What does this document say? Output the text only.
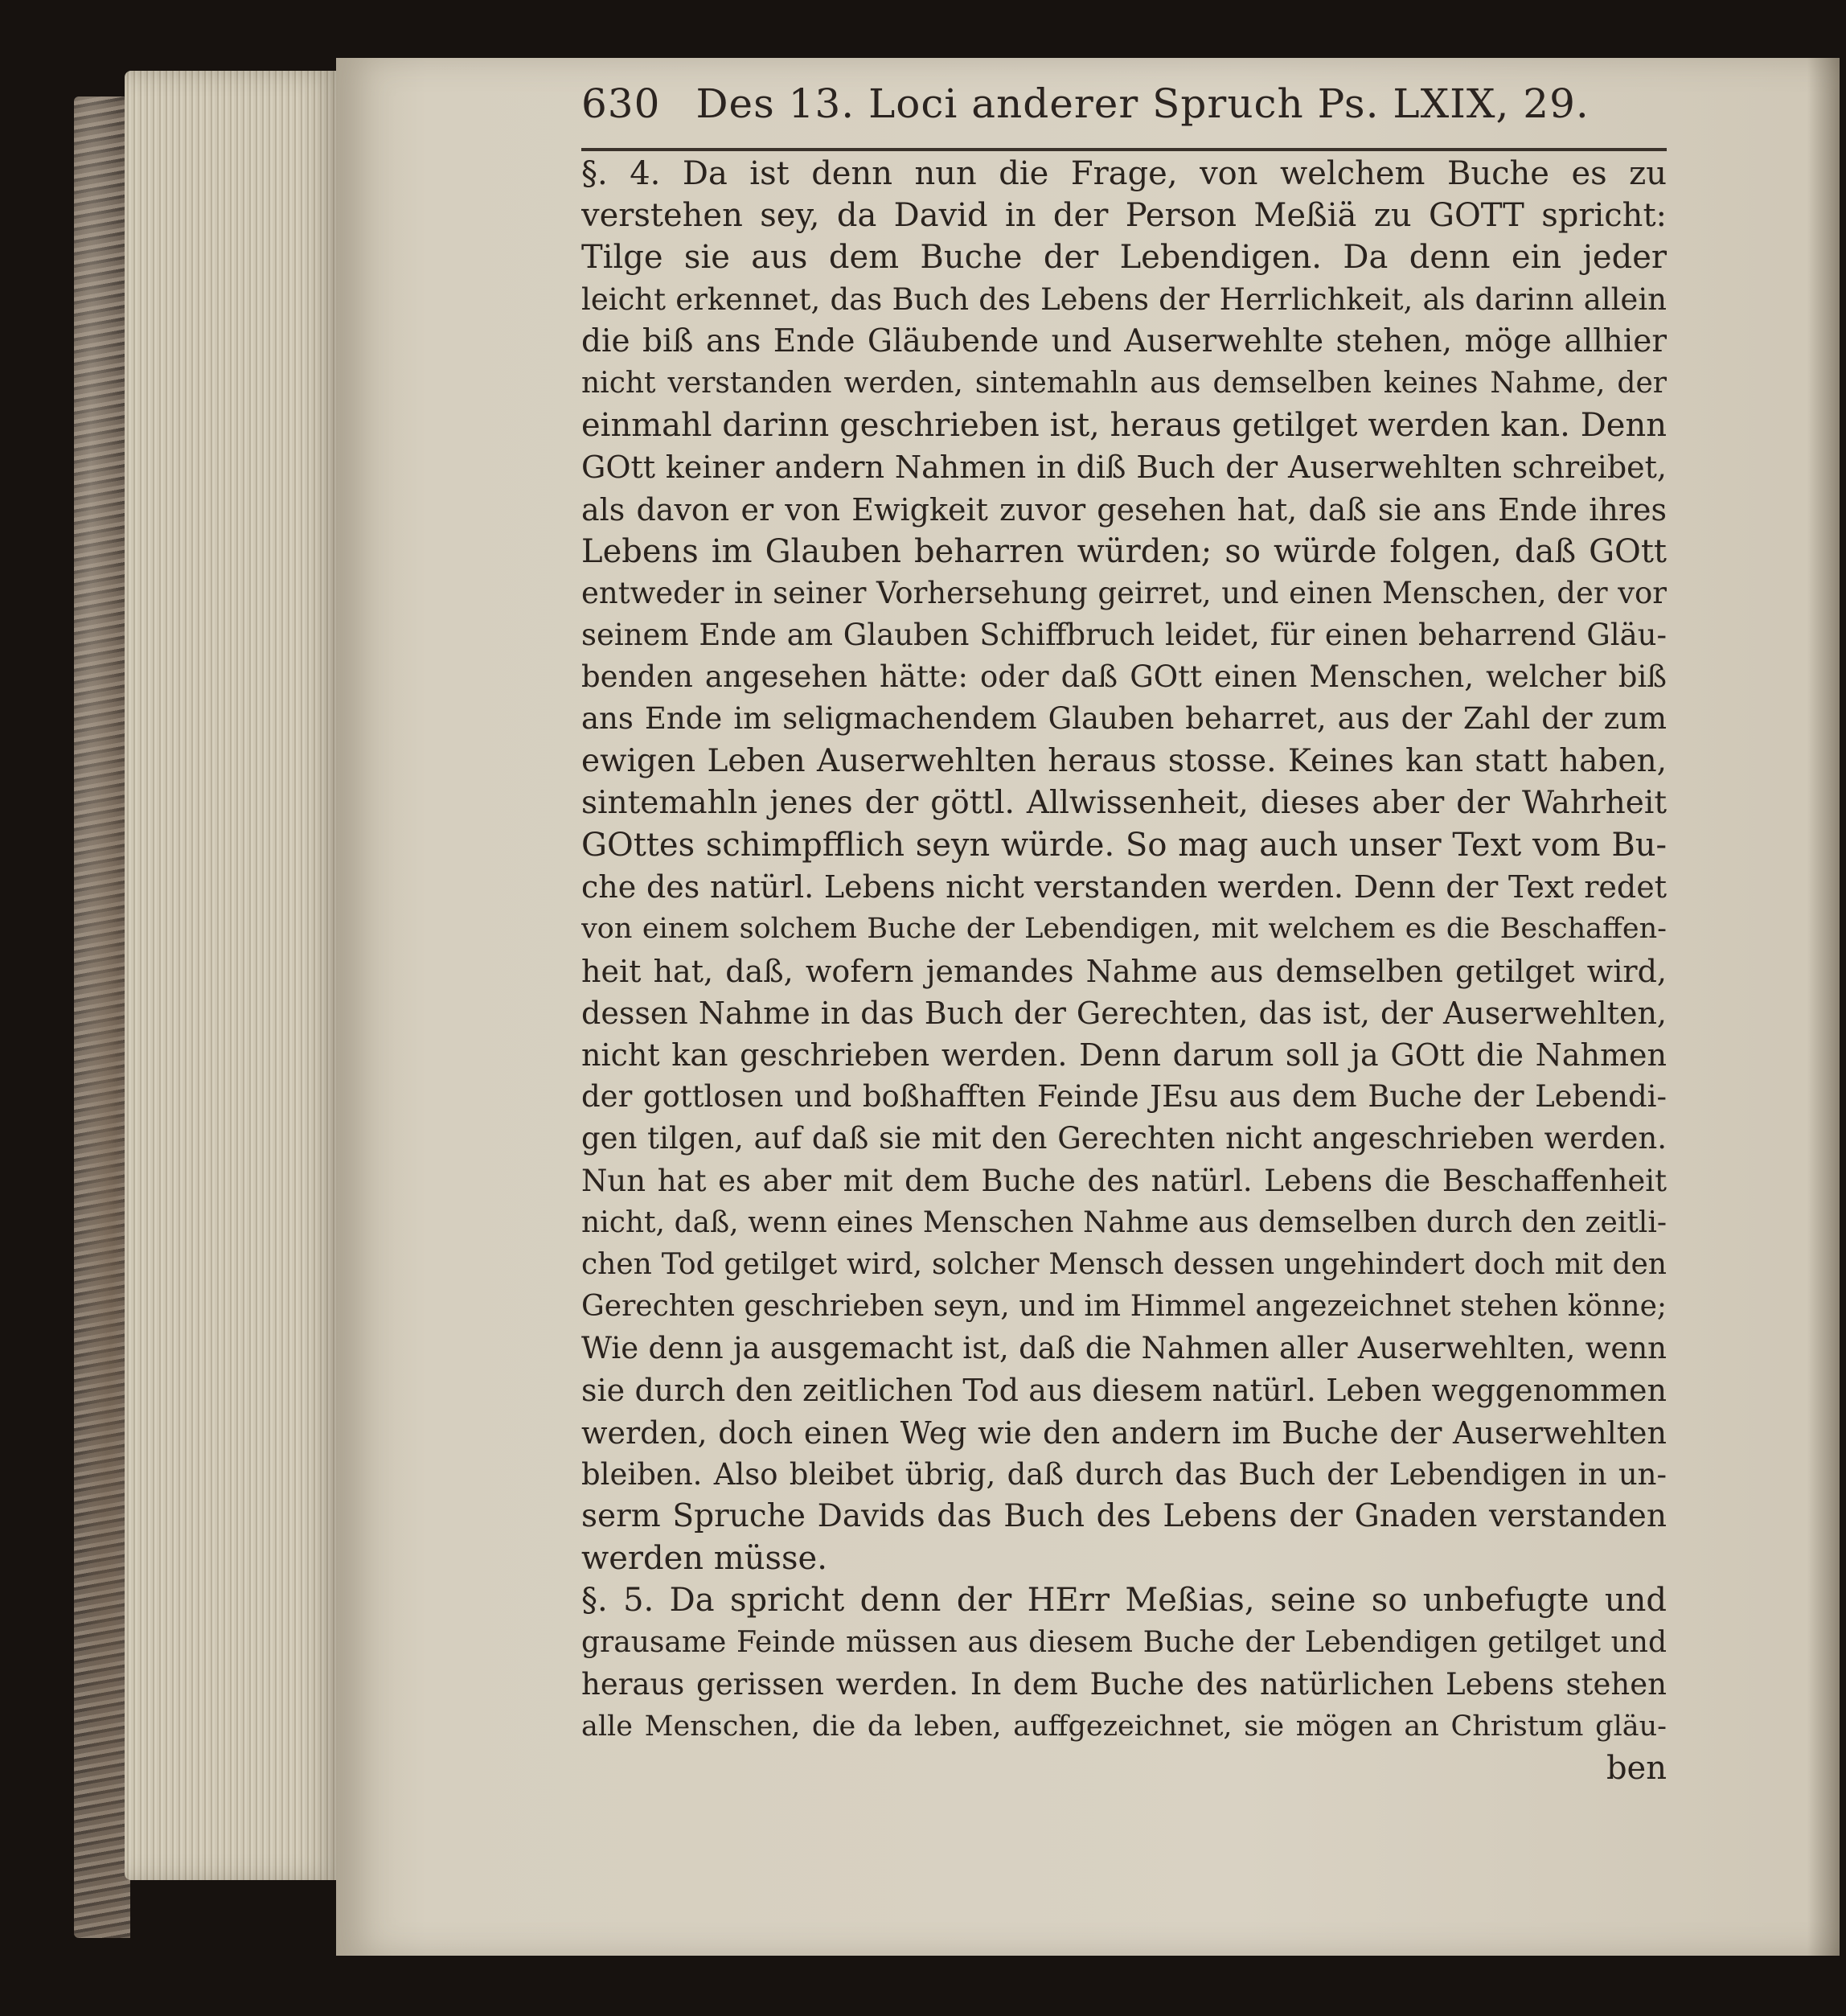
630 Des 13. Loci anderer Spruch Ps. LXIX, 29.
§. 4. Da ist denn nun die Frage, von welchem Buche es zu
verstehen sey, da David in der Person Meßiä zu GOTT spricht:
Tilge sie aus dem Buche der Lebendigen. Da denn ein jeder
leicht erkennet, das Buch des Lebens der Herrlichkeit, als darinn allein
die biß ans Ende Gläubende und Auserwehlte stehen, möge allhier
nicht verstanden werden, sintemahln aus demselben keines Nahme, der
einmahl darinn geschrieben ist, heraus getilget werden kan. Denn
GOtt keiner andern Nahmen in diß Buch der Auserwehlten schreibet,
als davon er von Ewigkeit zuvor gesehen hat, daß sie ans Ende ihres
Lebens im Glauben beharren würden; so würde folgen, daß GOtt
entweder in seiner Vorhersehung geirret, und einen Menschen, der vor
seinem Ende am Glauben Schiffbruch leidet, für einen beharrend Gläu-
benden angesehen hätte: oder daß GOtt einen Menschen, welcher biß
ans Ende im seligmachendem Glauben beharret, aus der Zahl der zum
ewigen Leben Auserwehlten heraus stosse. Keines kan statt haben,
sintemahln jenes der göttl. Allwissenheit, dieses aber der Wahrheit
GOttes schimpfflich seyn würde. So mag auch unser Text vom Bu-
che des natürl. Lebens nicht verstanden werden. Denn der Text redet
von einem solchem Buche der Lebendigen, mit welchem es die Beschaffen-
heit hat, daß, wofern jemandes Nahme aus demselben getilget wird,
dessen Nahme in das Buch der Gerechten, das ist, der Auserwehlten,
nicht kan geschrieben werden. Denn darum soll ja GOtt die Nahmen
der gottlosen und boßhafften Feinde JEsu aus dem Buche der Lebendi-
gen tilgen, auf daß sie mit den Gerechten nicht angeschrieben werden.
Nun hat es aber mit dem Buche des natürl. Lebens die Beschaffenheit
nicht, daß, wenn eines Menschen Nahme aus demselben durch den zeitli-
chen Tod getilget wird, solcher Mensch dessen ungehindert doch mit den
Gerechten geschrieben seyn, und im Himmel angezeichnet stehen könne;
Wie denn ja ausgemacht ist, daß die Nahmen aller Auserwehlten, wenn
sie durch den zeitlichen Tod aus diesem natürl. Leben weggenommen
werden, doch einen Weg wie den andern im Buche der Auserwehlten
bleiben. Also bleibet übrig, daß durch das Buch der Lebendigen in un-
serm Spruche Davids das Buch des Lebens der Gnaden verstanden
werden müsse.
§. 5. Da spricht denn der HErr Meßias, seine so unbefugte und
grausame Feinde müssen aus diesem Buche der Lebendigen getilget und
heraus gerissen werden. In dem Buche des natürlichen Lebens stehen
alle Menschen, die da leben, auffgezeichnet, sie mögen an Christum gläu-
ben
